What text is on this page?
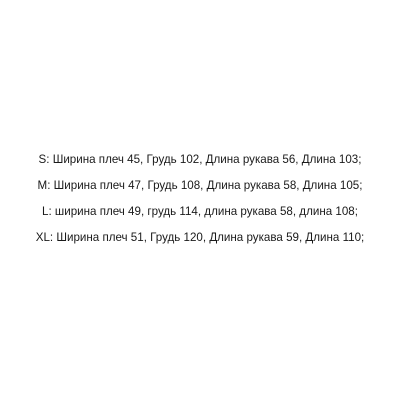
S: Ширина плеч 45, Грудь 102, Длина рукава 56, Длина 103;
M: Ширина плеч 47, Грудь 108, Длина рукава 58, Длина 105;
L: ширина плеч 49, грудь 114, длина рукава 58, длина 108;
XL: Ширина плеч 51, Грудь 120, Длина рукава 59, Длина 110;
